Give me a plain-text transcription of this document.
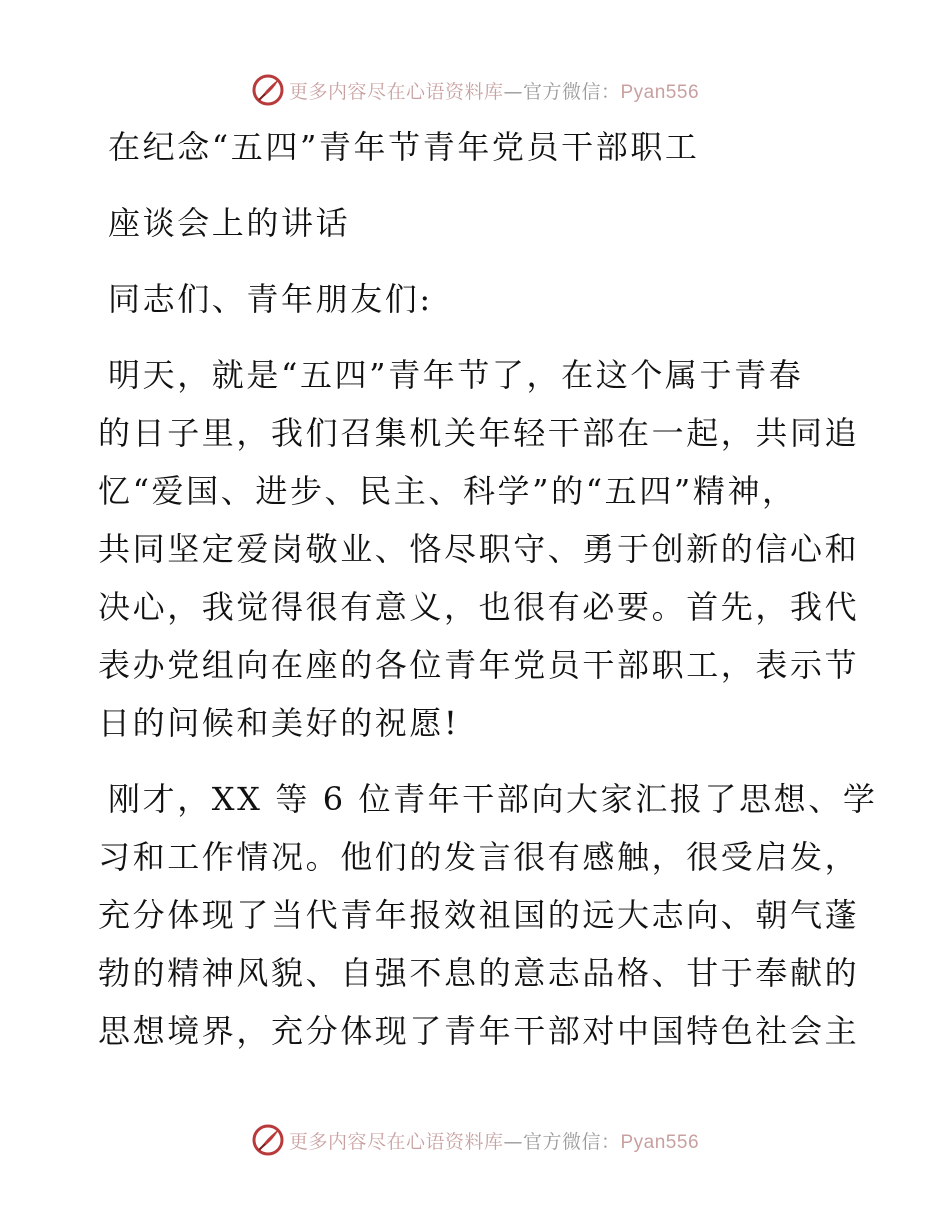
更多内容尽在心语资料库—官方微信：Pyan556
在纪念“五四”青年节青年党员干部职工
座谈会上的讲话
同志们、青年朋友们:
明天，就是“五四”青年节了，在这个属于青春
的日子里，我们召集机关年轻干部在一起，共同追
忆“爱国、进步、民主、科学”的“五四”精神，
共同坚定爱岗敬业、恪尽职守、勇于创新的信心和
决心，我觉得很有意义，也很有必要。首先，我代
表办党组向在座的各位青年党员干部职工，表示节
日的问候和美好的祝愿!
刚才，XX 等 6 位青年干部向大家汇报了思想、学
习和工作情况。他们的发言很有感触，很受启发，
充分体现了当代青年报效祖国的远大志向、朝气蓬
勃的精神风貌、自强不息的意志品格、甘于奉献的
思想境界，充分体现了青年干部对中国特色社会主
更多内容尽在心语资料库—官方微信：Pyan556
